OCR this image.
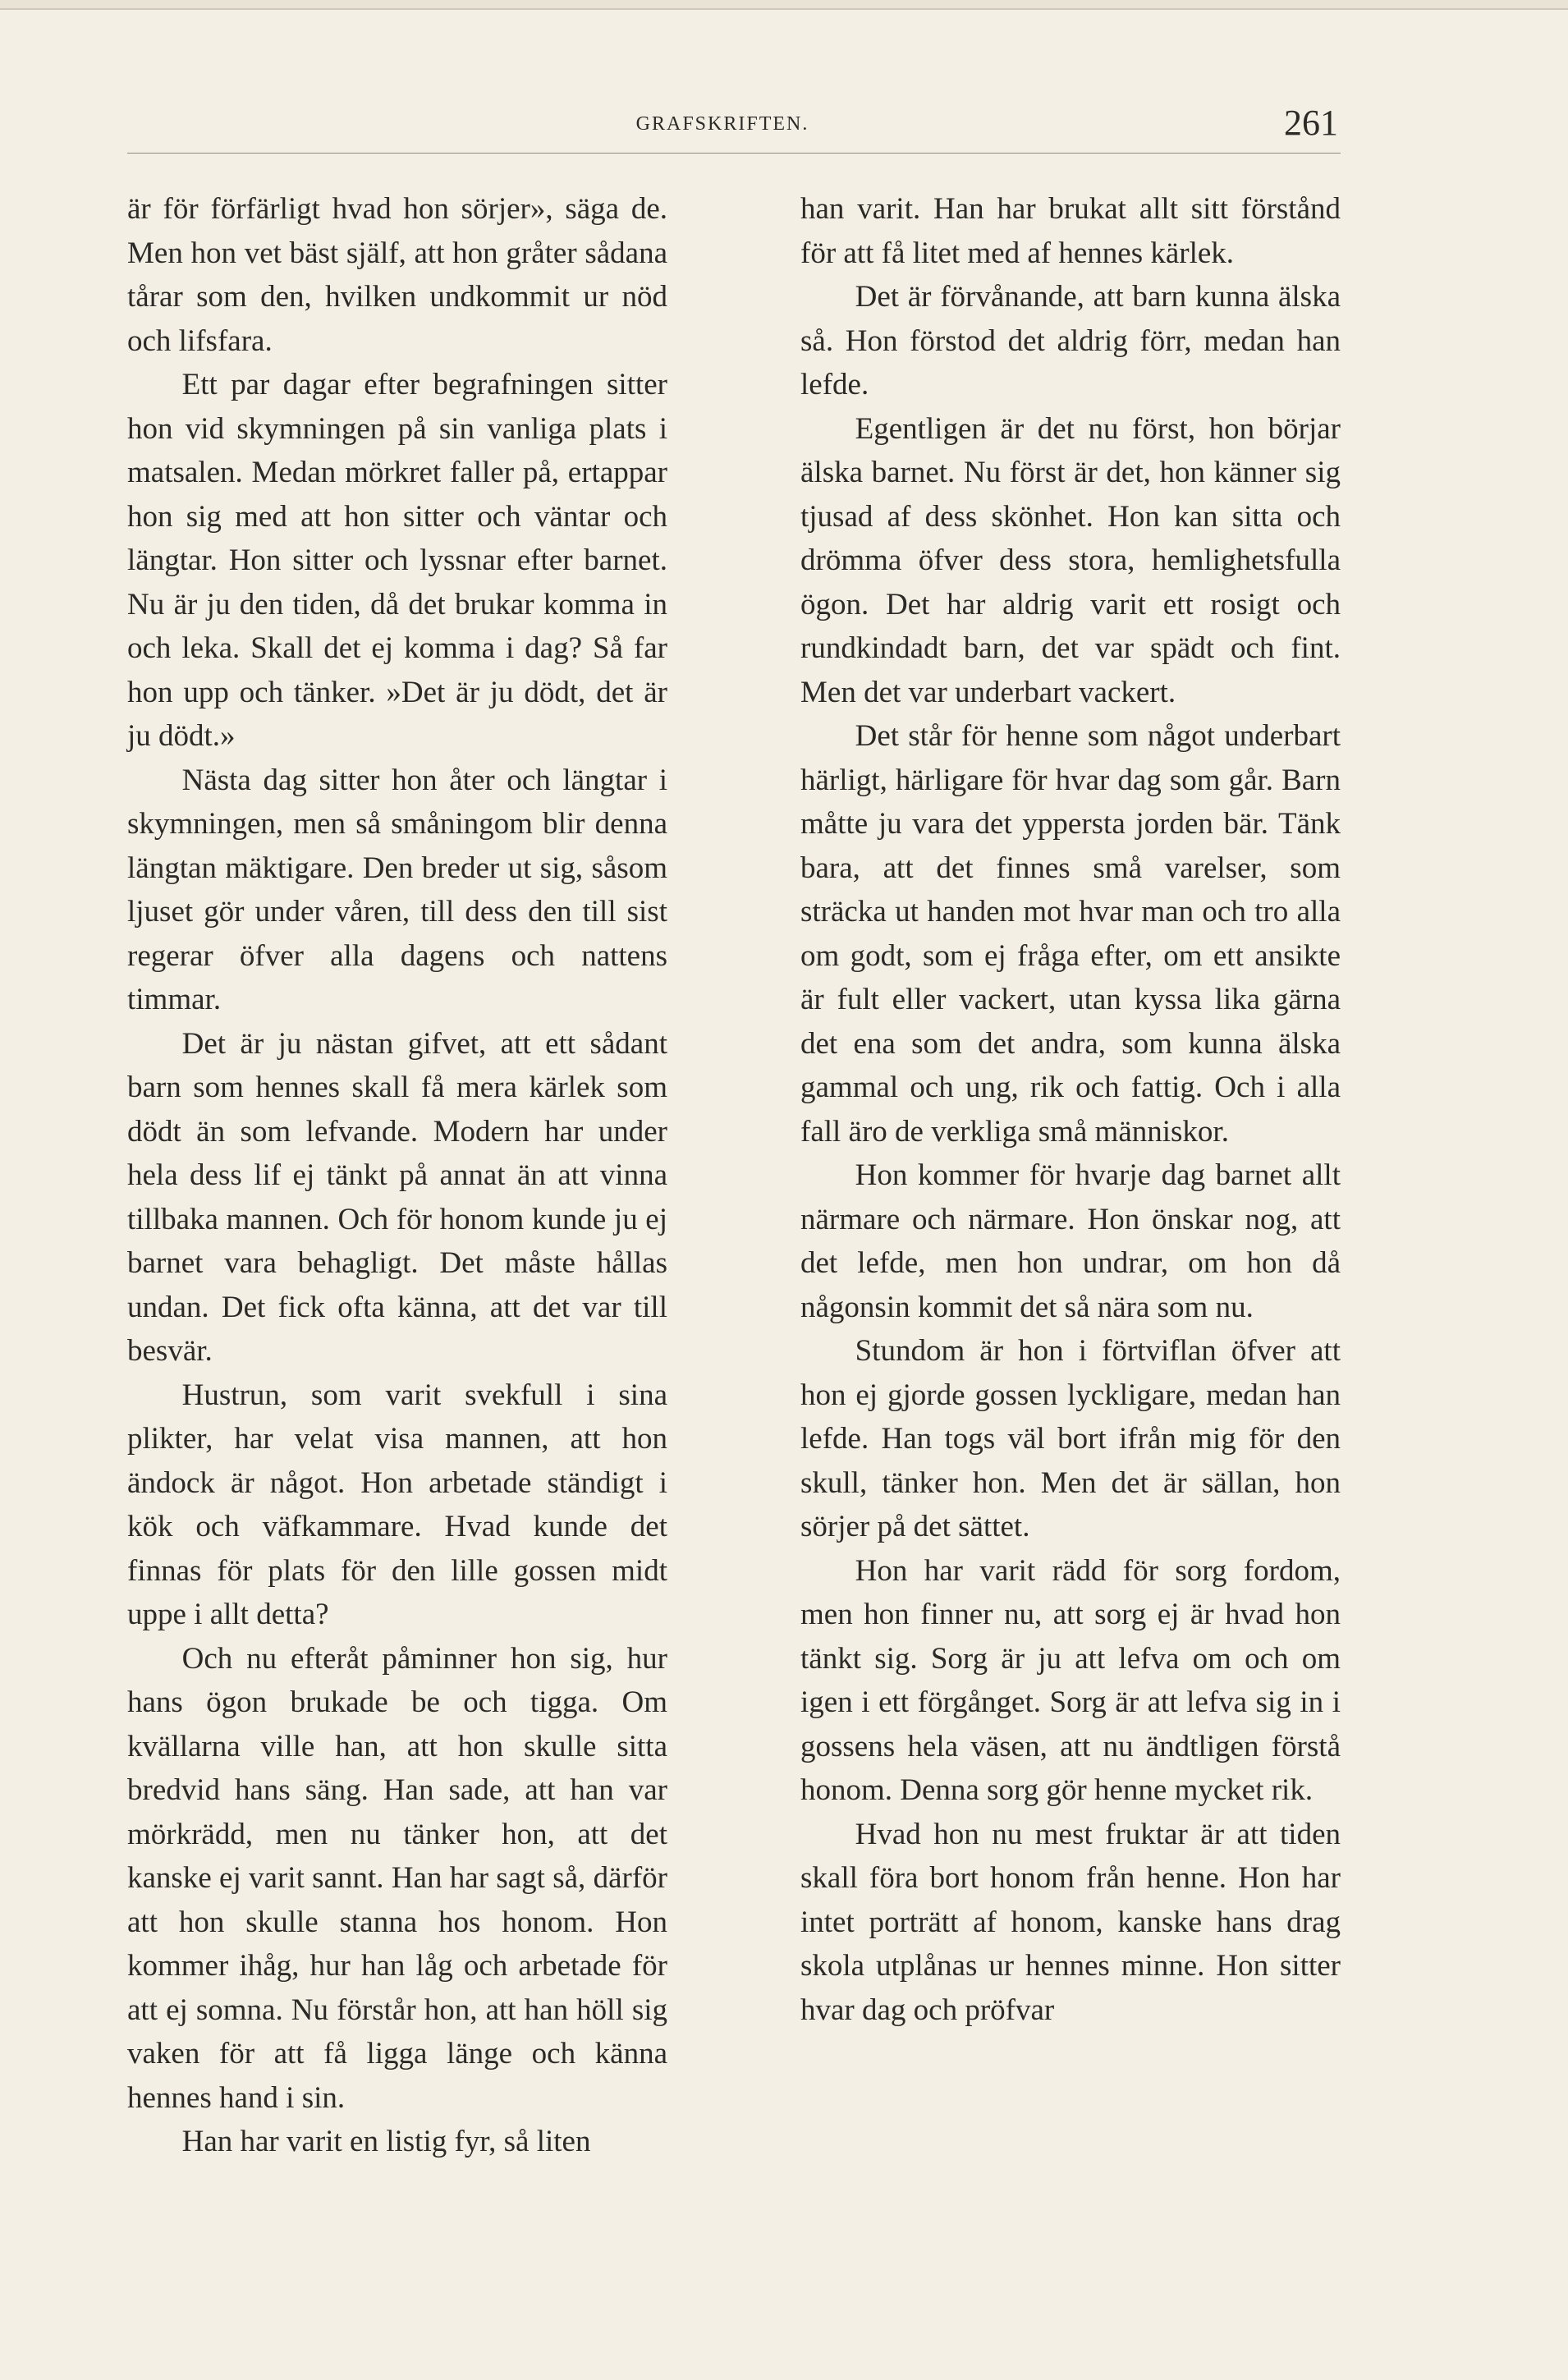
GRAFSKRIFTEN.	261

är för förfärligt hvad hon sörjer», säga de. Men hon vet bäst själf, att hon gråter sådana tårar som den, hvilken undkommit ur nöd och lifsfara.

Ett par dagar efter begrafningen sitter hon vid skymningen på sin vanliga plats i matsalen. Medan mörkret faller på, ertappar hon sig med att hon sitter och väntar och längtar. Hon sitter och lyssnar efter barnet. Nu är ju den tiden, då det brukar komma in och leka. Skall det ej komma i dag? Så far hon upp och tänker. »Det är ju dödt, det är ju dödt.»

Nästa dag sitter hon åter och längtar i skymningen, men så småningom blir denna längtan mäktigare. Den breder ut sig, såsom ljuset gör under våren, till dess den till sist regerar öfver alla dagens och nattens timmar.

Det är ju nästan gifvet, att ett sådant barn som hennes skall få mera kärlek som dödt än som lefvande. Modern har under hela dess lif ej tänkt på annat än att vinna tillbaka mannen. Och för honom kunde ju ej barnet vara behagligt. Det måste hållas undan. Det fick ofta känna, att det var till besvär.

Hustrun, som varit svekfull i sina plikter, har velat visa mannen, att hon ändock är något. Hon arbetade ständigt i kök och väfkammare. Hvad kunde det finnas för plats för den lille gossen midt uppe i allt detta?

Och nu efteråt påminner hon sig, hur hans ögon brukade be och tigga. Om kvällarna ville han, att hon skulle sitta bredvid hans säng. Han sade, att han var mörkrädd, men nu tänker hon, att det kanske ej varit sannt. Han har sagt så, därför att hon skulle stanna hos honom. Hon kommer ihåg, hur han låg och arbetade för att ej somna. Nu förstår hon, att han höll sig vaken för att få ligga länge och känna hennes hand i sin.

Han har varit en listig fyr, så liten

han varit. Han har brukat allt sitt förstånd för att få litet med af hennes kärlek.

Det är förvånande, att barn kunna älska så. Hon förstod det aldrig förr, medan han lefde.

Egentligen är det nu först, hon börjar älska barnet. Nu först är det, hon känner sig tjusad af dess skönhet. Hon kan sitta och drömma öfver dess stora, hemlighetsfulla ögon. Det har aldrig varit ett rosigt och rundkindadt barn, det var spädt och fint. Men det var underbart vackert.

Det står för henne som något underbart härligt, härligare för hvar dag som går. Barn måtte ju vara det yppersta jorden bär. Tänk bara, att det finnes små varelser, som sträcka ut handen mot hvar man och tro alla om godt, som ej fråga efter, om ett ansikte är fult eller vackert, utan kyssa lika gärna det ena som det andra, som kunna älska gammal och ung, rik och fattig. Och i alla fall äro de verkliga små människor.

Hon kommer för hvarje dag barnet allt närmare och närmare. Hon önskar nog, att det lefde, men hon undrar, om hon då någonsin kommit det så nära som nu.

Stundom är hon i förtviflan öfver att hon ej gjorde gossen lyckligare, medan han lefde. Han togs väl bort ifrån mig för den skull, tänker hon. Men det är sällan, hon sörjer på det sättet.

Hon har varit rädd för sorg fordom, men hon finner nu, att sorg ej är hvad hon tänkt sig. Sorg är ju att lefva om och om igen i ett förgånget. Sorg är att lefva sig in i gossens hela väsen, att nu ändtligen förstå honom. Denna sorg gör henne mycket rik.

Hvad hon nu mest fruktar är att tiden skall föra bort honom från henne. Hon har intet porträtt af honom, kanske hans drag skola utplånas ur hennes minne. Hon sitter hvar dag och pröfvar
